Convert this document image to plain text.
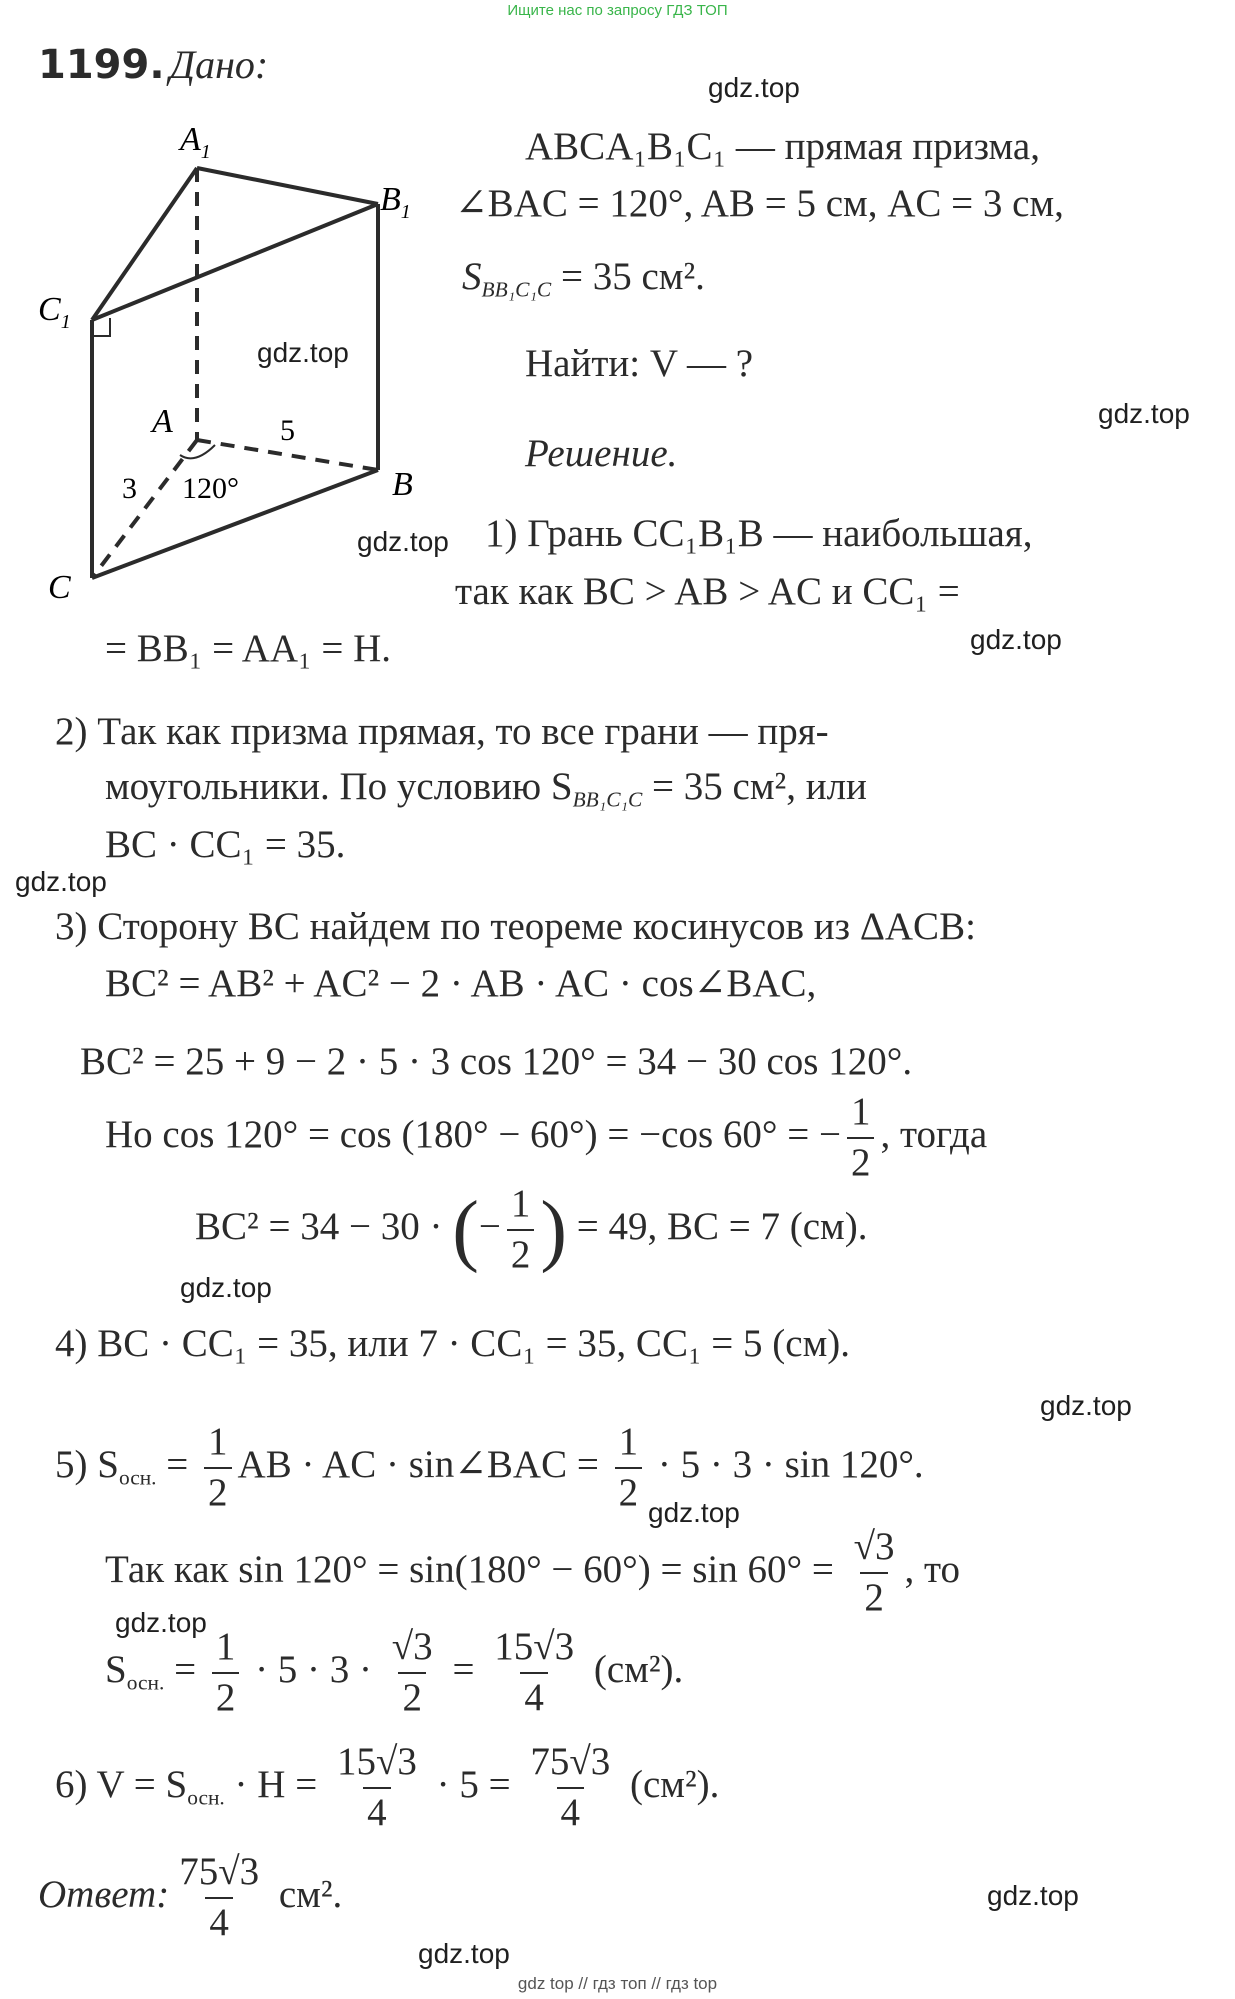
Ищите нас по запросу ГДЗ ТОП
1199. Дано:
$A_1$
$B_1$
$C_1$
A
B
C
5
3 120°
ABCA₁B₁C₁ — прямая призма,
∠BAC = 120°, AB = 5 см, AC = 3 см,
$S_{BB_1C_1C} = 35$ см².
Найти: V — ?
Решение.
1) Грань CC₁B₁B — наибольшая,
так как BC > AB > AC и CC₁ =
= BB₁ = AA₁ = H.
2) Так как призма прямая, то все грани — пря-
моугольники. По условию $S_{BB_1C_1C} = 35$ см², или
BC · CC₁ = 35.
3) Сторону BC найдем по теореме косинусов из ΔACB:
BC² = AB² + AC² − 2 · AB · AC · cos∠BAC,
BC² = 25 + 9 − 2 · 5 · 3 cos 120° = 34 − 30 cos 120°.
Но cos 120° = cos (180° − 60°) = −cos 60° = − $\frac{1}{2}$ , тогда
BC² = 34 − 30 · (− $\frac{1}{2}$ ) = 49, BC = 7 (см).
4) BC · CC₁ = 35, или 7 · CC₁ = 35, CC₁ = 5 (см).
5) $S_{осн.} = \frac{1}{2}$ AB · AC · sin∠BAC = $\frac{1}{2} \cdot 5 \cdot 3 \cdot \sin 120^\circ$.
Так как $\sin 120^\circ = \sin(180^\circ - 60^\circ) = \sin 60^\circ = \frac{√3}{2}$ , то
$S_{осн.} = \frac{1}{2} \cdot 5 \cdot 3 \cdot \frac{√3}{2} = \frac{15√3}{4} (см^2)$.
6) $V = S_{осн.} \cdot H = \frac{15√3}{4} \cdot 5 = \frac{75√3}{4} (см^2)$.
Ответ: $\frac{75√3}{4} см^2$.
gdz.top
gdz.top
gdz.top
gdz.top
gdz.top
gdz.top
gdz.top
gdz.top
gdz.top
gdz.top
gdz.top
gdz.top
gdz top // гдз топ // гдз top
